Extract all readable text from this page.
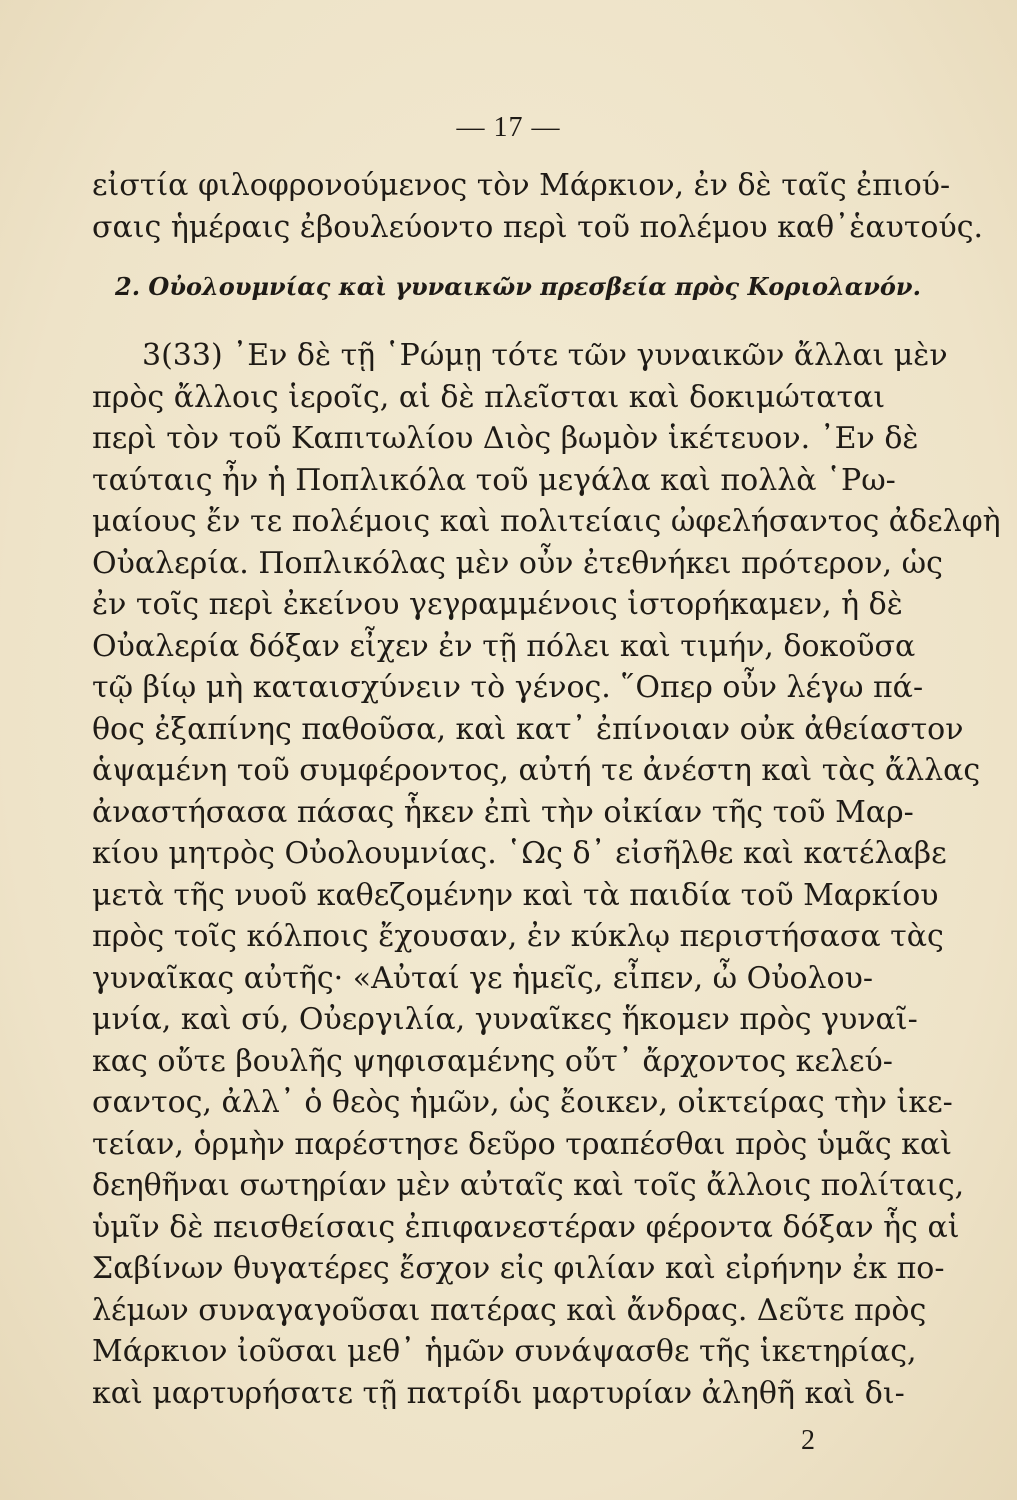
— 17 —
εἰστία φιλοφρονούμενος τὸν Μάρκιον, ἐν δὲ ταῖς ἐπιού-
σαις ἡμέραις ἐβουλεύοντο περὶ τοῦ πολέμου καθ᾿ἑαυτούς.
2. Οὐολουμνίας καὶ γυναικῶν πρεσβεία πρὸς Κοριολανόν.
3(33) ᾿Εν δὲ τῇ ῾Ρώμῃ τότε τῶν γυναικῶν ἄλλαι μὲν
πρὸς ἄλλοις ἱεροῖς, αἱ δὲ πλεῖσται καὶ δοκιμώταται
περὶ τὸν τοῦ Καπιτωλίου Διὸς βωμὸν ἱκέτευον. ᾿Εν δὲ
ταύταις ἦν ἡ Ποπλικόλα τοῦ μεγάλα καὶ πολλὰ ῾Ρω-
μαίους ἔν τε πολέμοις καὶ πολιτείαις ὠφελήσαντος ἀδελφὴ
Οὐαλερία. Ποπλικόλας μὲν οὖν ἐτεθνήκει πρότερον, ὡς
ἐν τοῖς περὶ ἐκείνου γεγραμμένοις ἱστορήκαμεν, ἡ δὲ
Οὐαλερία δόξαν εἶχεν ἐν τῇ πόλει καὶ τιμήν, δοκοῦσα
τῷ βίῳ μὴ καταισχύνειν τὸ γένος. ῞Οπερ οὖν λέγω πά-
θος ἐξαπίνης παθοῦσα, καὶ κατ᾿ ἐπίνοιαν οὐκ ἀθείαστον
ἁψαμένη τοῦ συμφέροντος, αὐτή τε ἀνέστη καὶ τὰς ἄλλας
ἀναστήσασα πάσας ἧκεν ἐπὶ τὴν οἰκίαν τῆς τοῦ Μαρ-
κίου μητρὸς Οὐολουμνίας. ῾Ως δ᾿ εἰσῆλθε καὶ κατέλαβε
μετὰ τῆς νυοῦ καθεζομένην καὶ τὰ παιδία τοῦ Μαρκίου
πρὸς τοῖς κόλποις ἔχουσαν, ἐν κύκλῳ περιστήσασα τὰς
γυναῖκας αὐτῆς· «Αὐταί γε ἡμεῖς, εἶπεν, ὦ Οὐολου-
μνία, καὶ σύ, Οὐεργιλία, γυναῖκες ἥκομεν πρὸς γυναῖ-
κας οὔτε βουλῆς ψηφισαμένης οὔτ᾿ ἄρχοντος κελεύ-
σαντος, ἀλλ᾿ ὁ θεὸς ἡμῶν, ὡς ἔοικεν, οἰκτείρας τὴν ἱκε-
τείαν, ὁρμὴν παρέστησε δεῦρο τραπέσθαι πρὸς ὑμᾶς καὶ
δεηθῆναι σωτηρίαν μὲν αὐταῖς καὶ τοῖς ἄλλοις πολίταις,
ὑμῖν δὲ πεισθείσαις ἐπιφανεστέραν φέροντα δόξαν ἧς αἱ
Σαβίνων θυγατέρες ἔσχον εἰς φιλίαν καὶ εἰρήνην ἐκ πο-
λέμων συναγαγοῦσαι πατέρας καὶ ἄνδρας. Δεῦτε πρὸς
Μάρκιον ἰοῦσαι μεθ᾿ ἡμῶν συνάψασθε τῆς ἱκετηρίας,
καὶ μαρτυρήσατε τῇ πατρίδι μαρτυρίαν ἀληθῆ καὶ δι-
2
